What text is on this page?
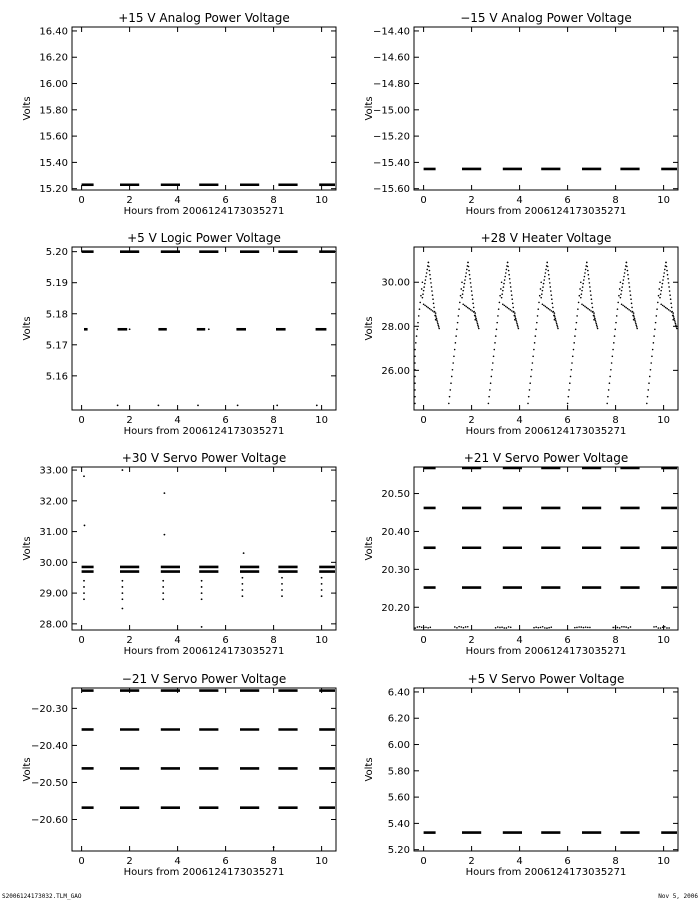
+15 V Analog Power Voltage
Hours from 2006124173035271
Volts
0	2	4	6	8	10
15.20
15.40
15.60
15.80
16.00
16.20
16.40
−15 V Analog Power Voltage
Hours from 2006124173035271
Volts
0	2	4	6	8	10
−15.60
−15.40
−15.20
−15.00
−14.80
−14.60
−14.40
+5 V Logic Power Voltage
Hours from 2006124173035271
Volts
0	2	4	6	8	10
5.16
5.17
5.18
5.19
5.20
+28 V Heater Voltage
Hours from 2006124173035271
Volts
0	2	4	6	8	10
26.00
28.00
30.00
+30 V Servo Power Voltage
Hours from 2006124173035271
Volts
0	2	4	6	8	10
28.00
29.00
30.00
31.00
32.00
33.00
+21 V Servo Power Voltage
Hours from 2006124173035271
Volts
0	2	4	6	8	10
20.20
20.30
20.40
20.50
−21 V Servo Power Voltage
Hours from 2006124173035271
Volts
0	2	4	6	8	10
−20.60
−20.50
−20.40
−20.30
+5 V Servo Power Voltage
Hours from 2006124173035271
Volts
0	2	4	6	8	10
5.20
5.40
5.60
5.80
6.00
6.20
6.40
S2006124173032.TLM_GAO	Nov 5, 2006
